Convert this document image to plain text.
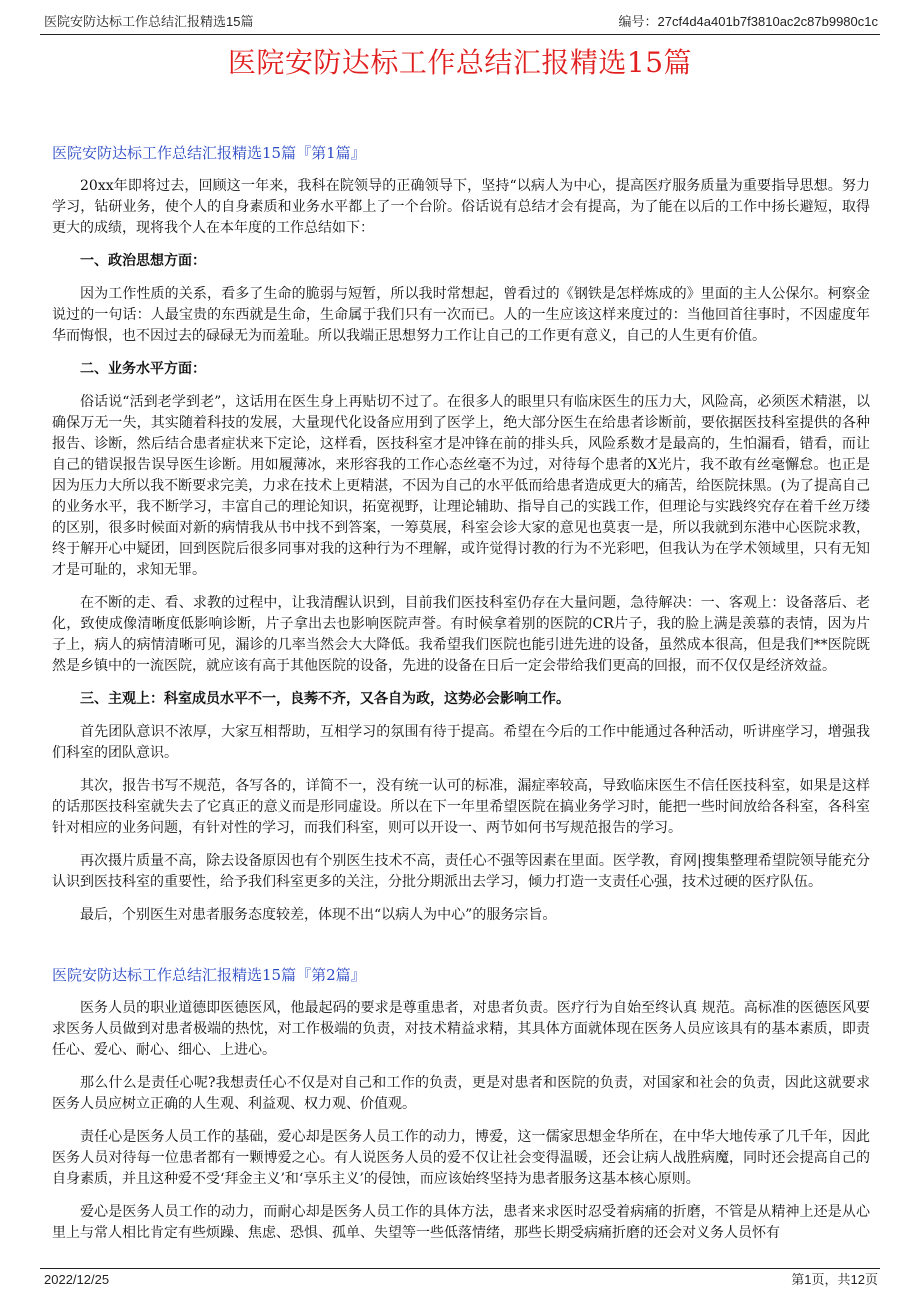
医院安防达标工作总结汇报精选15篇	编号：27cf4d4a401b7f3810ac2c87b9980c1c
医院安防达标工作总结汇报精选15篇
医院安防达标工作总结汇报精选15篇『第1篇』

20xx年即将过去，回顾这一年来，我科在院领导的正确领导下，坚持“以病人为中心，提高医疗服务质量为重要指导思想。努力学习，钻研业务，使个人的自身素质和业务水平都上了一个台阶。俗话说有总结才会有提高，为了能在以后的工作中扬长避短，取得更大的成绩，现将我个人在本年度的工作总结如下：

一、政治思想方面：

因为工作性质的关系，看多了生命的脆弱与短暂，所以我时常想起，曾看过的《钢铁是怎样炼成的》里面的主人公保尔。柯察金说过的一句话：人最宝贵的东西就是生命，生命属于我们只有一次而已。人的一生应该这样来度过的：当他回首往事时，不因虚度年华而悔恨，也不因过去的碌碌无为而羞耻。所以我端正思想努力工作让自己的工作更有意义，自己的人生更有价值。

二、业务水平方面：

俗话说“活到老学到老”，这话用在医生身上再贴切不过了。在很多人的眼里只有临床医生的压力大，风险高，必须医术精湛，以确保万无一失，其实随着科技的发展，大量现代化设备应用到了医学上，绝大部分医生在给患者诊断前，要依据医技科室提供的各种报告、诊断，然后结合患者症状来下定论，这样看，医技科室才是冲锋在前的排头兵，风险系数才是最高的，生怕漏看，错看，而让自己的错误报告误导医生诊断。用如履薄冰，来形容我的工作心态丝毫不为过，对待每个患者的X光片，我不敢有丝毫懈怠。也正是因为压力大所以我不断要求完美，力求在技术上更精湛，不因为自己的水平低而给患者造成更大的痛苦，给医院抹黑。(为了提高自己的业务水平，我不断学习，丰富自己的理论知识，拓宽视野，让理论辅助、指导自己的实践工作，但理论与实践终究存在着千丝万缕的区别，很多时候面对新的病情我从书中找不到答案，一筹莫展，科室会诊大家的意见也莫衷一是，所以我就到东港中心医院求教，终于解开心中疑团，回到医院后很多同事对我的这种行为不理解，或许觉得讨教的行为不光彩吧，但我认为在学术领域里，只有无知才是可耻的，求知无罪。

在不断的走、看、求教的过程中，让我清醒认识到，目前我们医技科室仍存在大量问题，急待解决：一、客观上：设备落后、老化，致使成像清晰度低影响诊断，片子拿出去也影响医院声誉。有时候拿着别的医院的CR片子，我的脸上满是羡慕的表情，因为片子上，病人的病情清晰可见，漏诊的几率当然会大大降低。我希望我们医院也能引进先进的设备，虽然成本很高，但是我们**医院既然是乡镇中的一流医院，就应该有高于其他医院的设备，先进的设备在日后一定会带给我们更高的回报，而不仅仅是经济效益。

三、主观上：科室成员水平不一，良莠不齐，又各自为政，这势必会影响工作。

首先团队意识不浓厚，大家互相帮助，互相学习的氛围有待于提高。希望在今后的工作中能通过各种活动，听讲座学习，增强我们科室的团队意识。

其次，报告书写不规范，各写各的，详简不一，没有统一认可的标准，漏症率较高，导致临床医生不信任医技科室，如果是这样的话那医技科室就失去了它真正的意义而是形同虚设。所以在下一年里希望医院在搞业务学习时，能把一些时间放给各科室，各科室针对相应的业务问题，有针对性的学习，而我们科室，则可以开设一、两节如何书写规范报告的学习。

再次摄片质量不高，除去设备原因也有个别医生技术不高，责任心不强等因素在里面。医学教，育网|搜集整理希望院领导能充分认识到医技科室的重要性，给予我们科室更多的关注，分批分期派出去学习，倾力打造一支责任心强，技术过硬的医疗队伍。

最后，个别医生对患者服务态度较差，体现不出“以病人为中心”的服务宗旨。

医院安防达标工作总结汇报精选15篇『第2篇』

医务人员的职业道德即医德医风，他最起码的要求是尊重患者，对患者负责。医疗行为自始至终认真 规范。高标准的医德医风要求医务人员做到对患者极端的热忱，对工作极端的负责，对技术精益求精，其具体方面就体现在医务人员应该具有的基本素质，即责任心、爱心、耐心、细心、上进心。

那么什么是责任心呢?我想责任心不仅是对自己和工作的负责，更是对患者和医院的负责，对国家和社会的负责，因此这就要求医务人员应树立正确的人生观、利益观、权力观、价值观。

责任心是医务人员工作的基础，爱心却是医务人员工作的动力，博爱，这一儒家思想金华所在，在中华大地传承了几千年，因此医务人员对待每一位患者都有一颗博爱之心。有人说医务人员的爱不仅让社会变得温暖，还会让病人战胜病魔，同时还会提高自己的自身素质，并且这种爱不受‘拜金主义’和‘享乐主义’的侵蚀，而应该始终坚持为患者服务这基本核心原则。

爱心是医务人员工作的动力，而耐心却是医务人员工作的具体方法，患者来求医时忍受着病痛的折磨，不管是从精神上还是从心里上与常人相比肯定有些烦躁、焦虑、恐惧、孤单、失望等一些低落情绪，那些长期受病痛折磨的还会对义务人员怀有

2022/12/25	第1页，共12页
